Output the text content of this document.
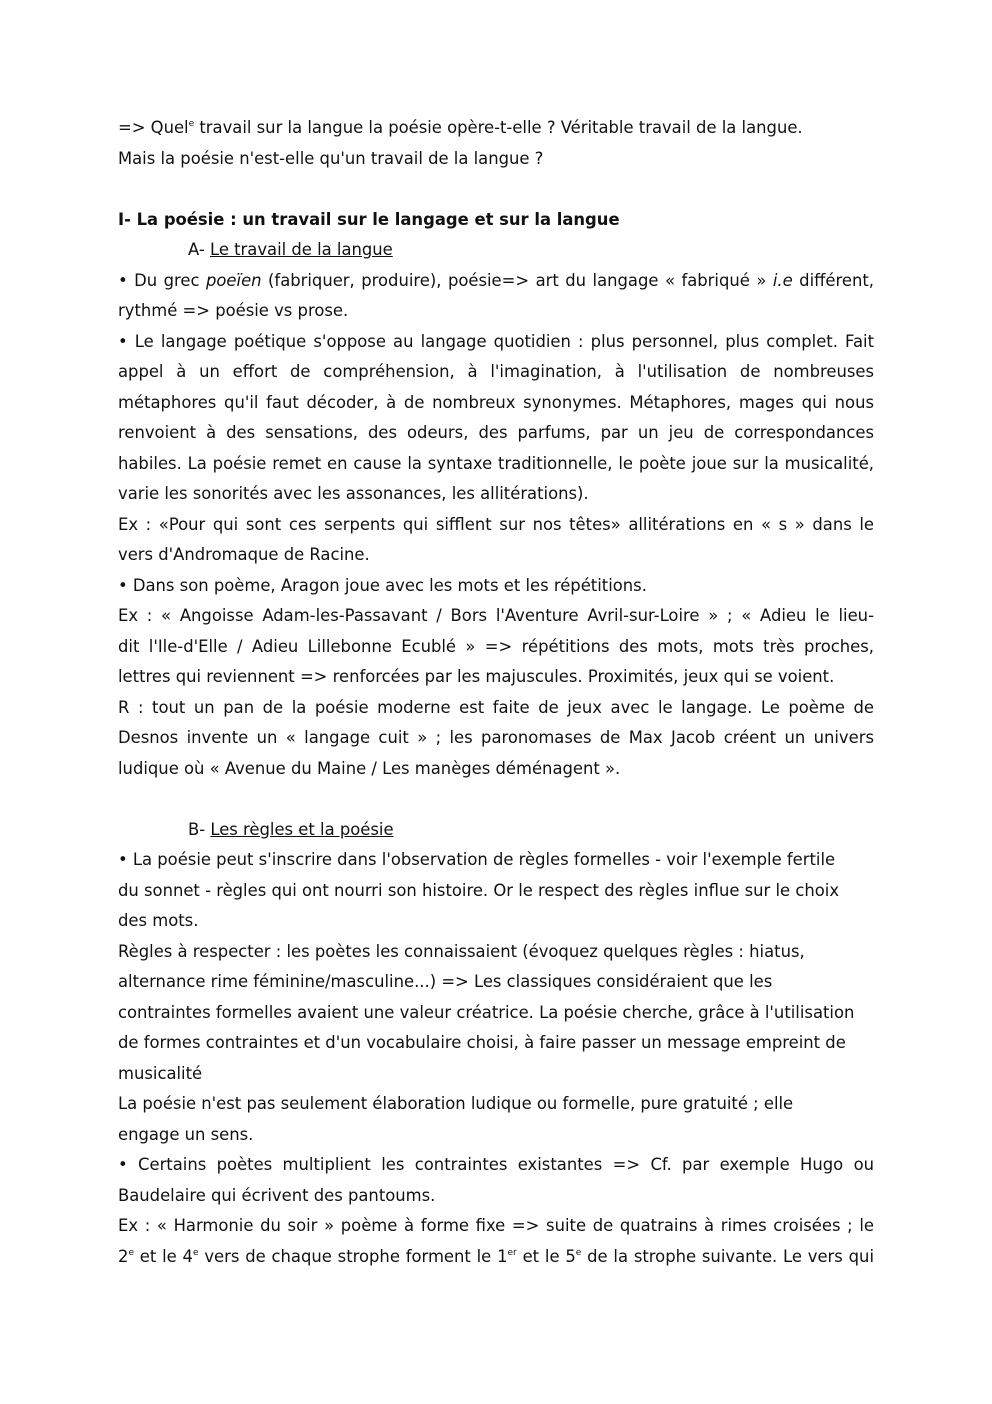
=> Quel$^e$ travail sur la langue la poésie opère-t-elle ? Véritable travail de la langue.
Mais la poésie n'est-elle qu'un travail de la langue ?
I- La poésie : un travail sur le langage et sur la langue
A- Le travail de la langue
• Du grec poeïen (fabriquer, produire), poésie=> art du langage « fabriqué » i.e différent,
rythmé => poésie vs prose.
• Le langage poétique s'oppose au langage quotidien : plus personnel, plus complet. Fait
appel à un effort de compréhension, à l'imagination, à l'utilisation de nombreuses
métaphores qu'il faut décoder, à de nombreux synonymes. Métaphores, mages qui nous
renvoient à des sensations, des odeurs, des parfums, par un jeu de correspondances
habiles. La poésie remet en cause la syntaxe traditionnelle, le poète joue sur la musicalité,
varie les sonorités avec les assonances, les allitérations).
Ex : «Pour qui sont ces serpents qui sifflent sur nos têtes» allitérations en « s » dans le
vers d'Andromaque de Racine.
• Dans son poème, Aragon joue avec les mots et les répétitions.
Ex : « Angoisse Adam-les-Passavant / Bors l'Aventure Avril-sur-Loire » ; « Adieu le lieu-
dit l'Ile-d'Elle / Adieu Lillebonne Ecublé » => répétitions des mots, mots très proches,
lettres qui reviennent => renforcées par les majuscules. Proximités, jeux qui se voient.
R : tout un pan de la poésie moderne est faite de jeux avec le langage. Le poème de
Desnos invente un « langage cuit » ; les paronomases de Max Jacob créent un univers
ludique où « Avenue du Maine / Les manèges déménagent ».
B- Les règles et la poésie
• La poésie peut s'inscrire dans l'observation de règles formelles - voir l'exemple fertile
du sonnet - règles qui ont nourri son histoire. Or le respect des règles influe sur le choix
des mots.
Règles à respecter : les poètes les connaissaient (évoquez quelques règles : hiatus,
alternance rime féminine/masculine...) => Les classiques considéraient que les
contraintes formelles avaient une valeur créatrice. La poésie cherche, grâce à l'utilisation
de formes contraintes et d'un vocabulaire choisi, à faire passer un message empreint de
musicalité
La poésie n'est pas seulement élaboration ludique ou formelle, pure gratuité ; elle
engage un sens.
• Certains poètes multiplient les contraintes existantes => Cf. par exemple Hugo ou
Baudelaire qui écrivent des pantoums.
Ex : « Harmonie du soir » poème à forme fixe => suite de quatrains à rimes croisées ; le
2e et le 4e vers de chaque strophe forment le 1er et le 5e de la strophe suivante. Le vers qui
